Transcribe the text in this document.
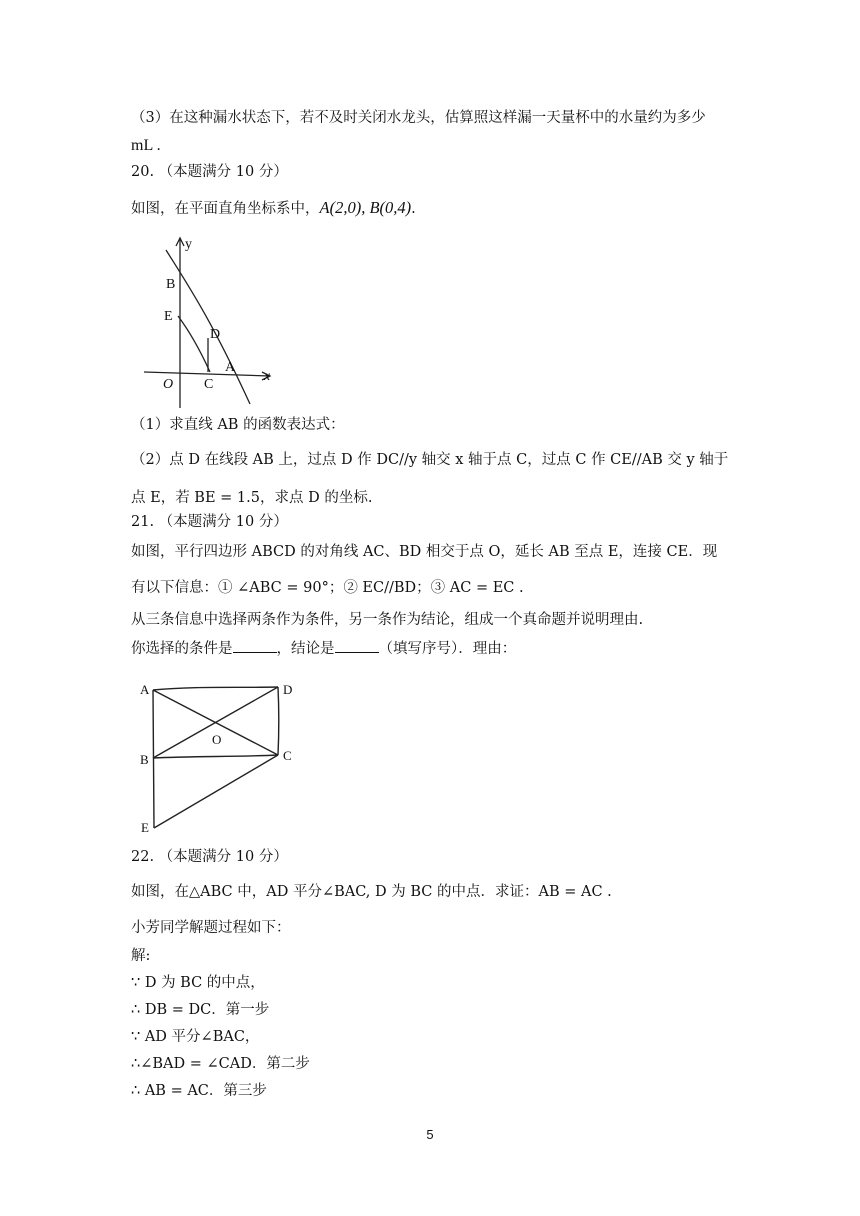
（3）在这种漏水状态下，若不及时关闭水龙头，估算照这样漏一天量杯中的水量约为多少
mL .
20. （本题满分 10 分）
如图，在平面直角坐标系中，A(2,0), B(0,4).
y
B
E
D
A
O C
x
（1）求直线 AB 的函数表达式：
（2）点 D 在线段 AB 上，过点 D 作 DC//y 轴交 x 轴于点 C，过点 C 作 CE//AB 交 y 轴于
点 E，若 BE = 1.5，求点 D 的坐标.
21. （本题满分 10 分）
如图，平行四边形 ABCD 的对角线 AC、BD 相交于点 O，延长 AB 至点 E，连接 CE．现
有以下信息：① ∠ABC = 90°；② EC//BD；③ AC = EC .
从三条信息中选择两条作为条件，另一条作为结论，组成一个真命题并说明理由.
你选择的条件是	，结论是	（填写序号）．理由：
A	D
O
B	C
E
22. （本题满分 10 分）
如图，在△ABC 中，AD 平分∠BAC, D 为 BC 的中点．求证：AB = AC .
小芳同学解题过程如下：
解:
∵ D 为 BC 的中点，
∴ DB = DC．第一步
∵ AD 平分∠BAC，
∴∠BAD = ∠CAD．第二步
∴ AB = AC．第三步
5
